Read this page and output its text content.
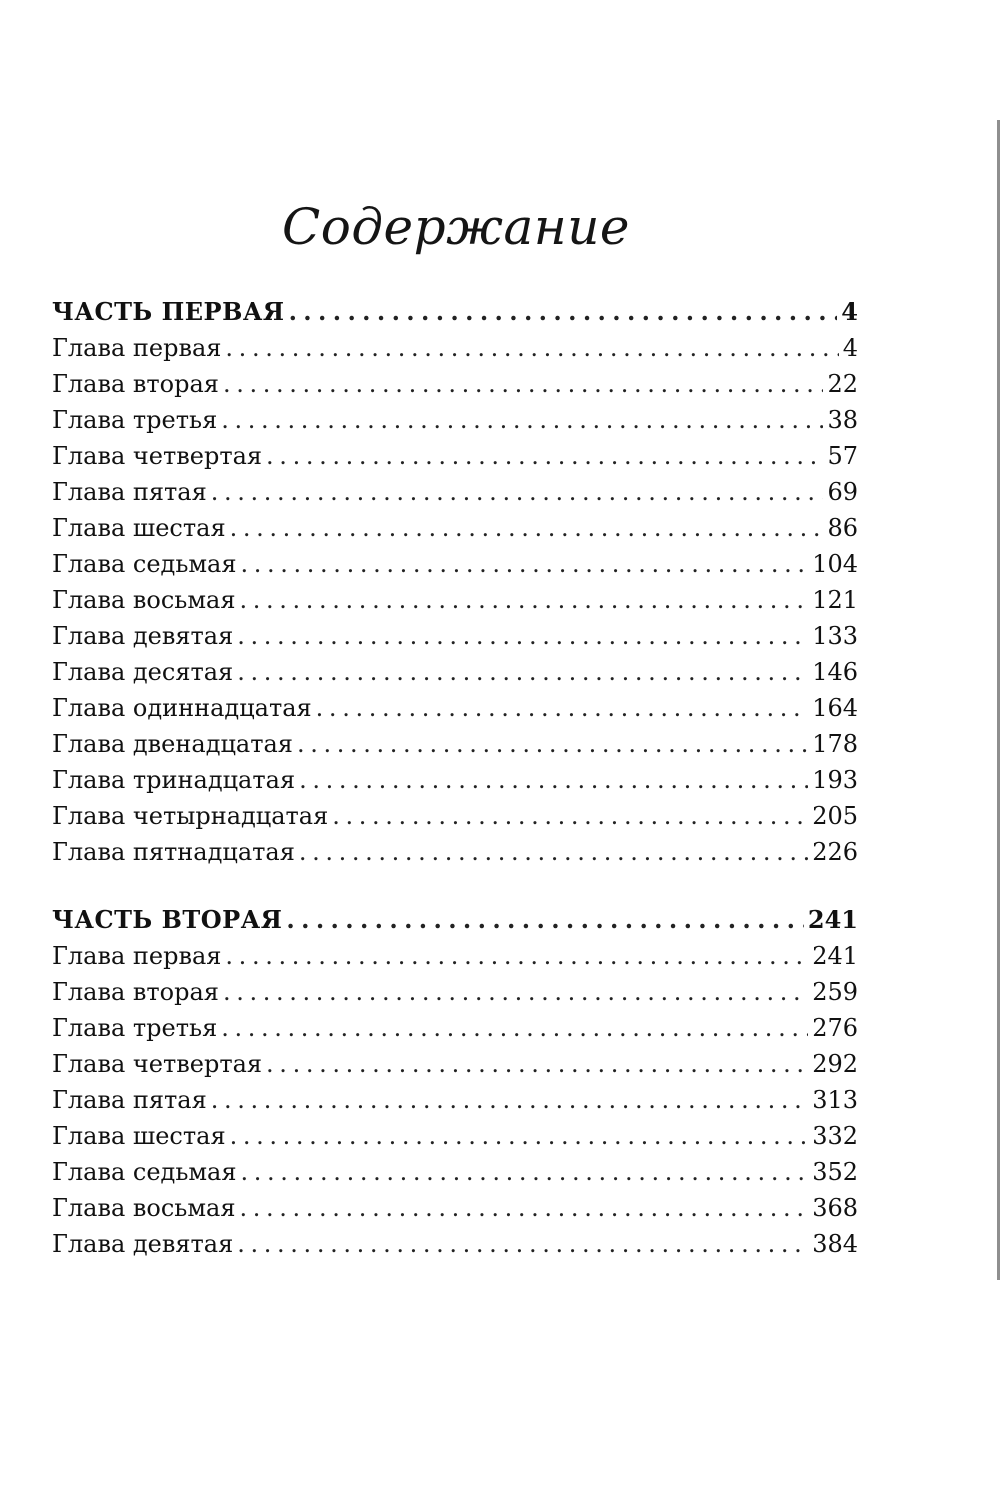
Содержание
ЧАСТЬ ПЕРВАЯ . . .	4
Глава первая . . .	4
Глава вторая . . .	22
Глава третья . . .	38
Глава четвертая . . .	57
Глава пятая . . .	69
Глава шестая . . .	86
Глава седьмая . . .	104
Глава восьмая . . .	121
Глава девятая . . .	133
Глава десятая . . .	146
Глава одиннадцатая . . .	164
Глава двенадцатая . . .	178
Глава тринадцатая . . .	193
Глава четырнадцатая . . .	205
Глава пятнадцатая . . .	226
ЧАСТЬ ВТОРАЯ . . .	241
Глава первая . . .	241
Глава вторая . . .	259
Глава третья . . .	276
Глава четвертая . . .	292
Глава пятая . . .	313
Глава шестая . . .	332
Глава седьмая . . .	352
Глава восьмая . . .	368
Глава девятая . . .	384
